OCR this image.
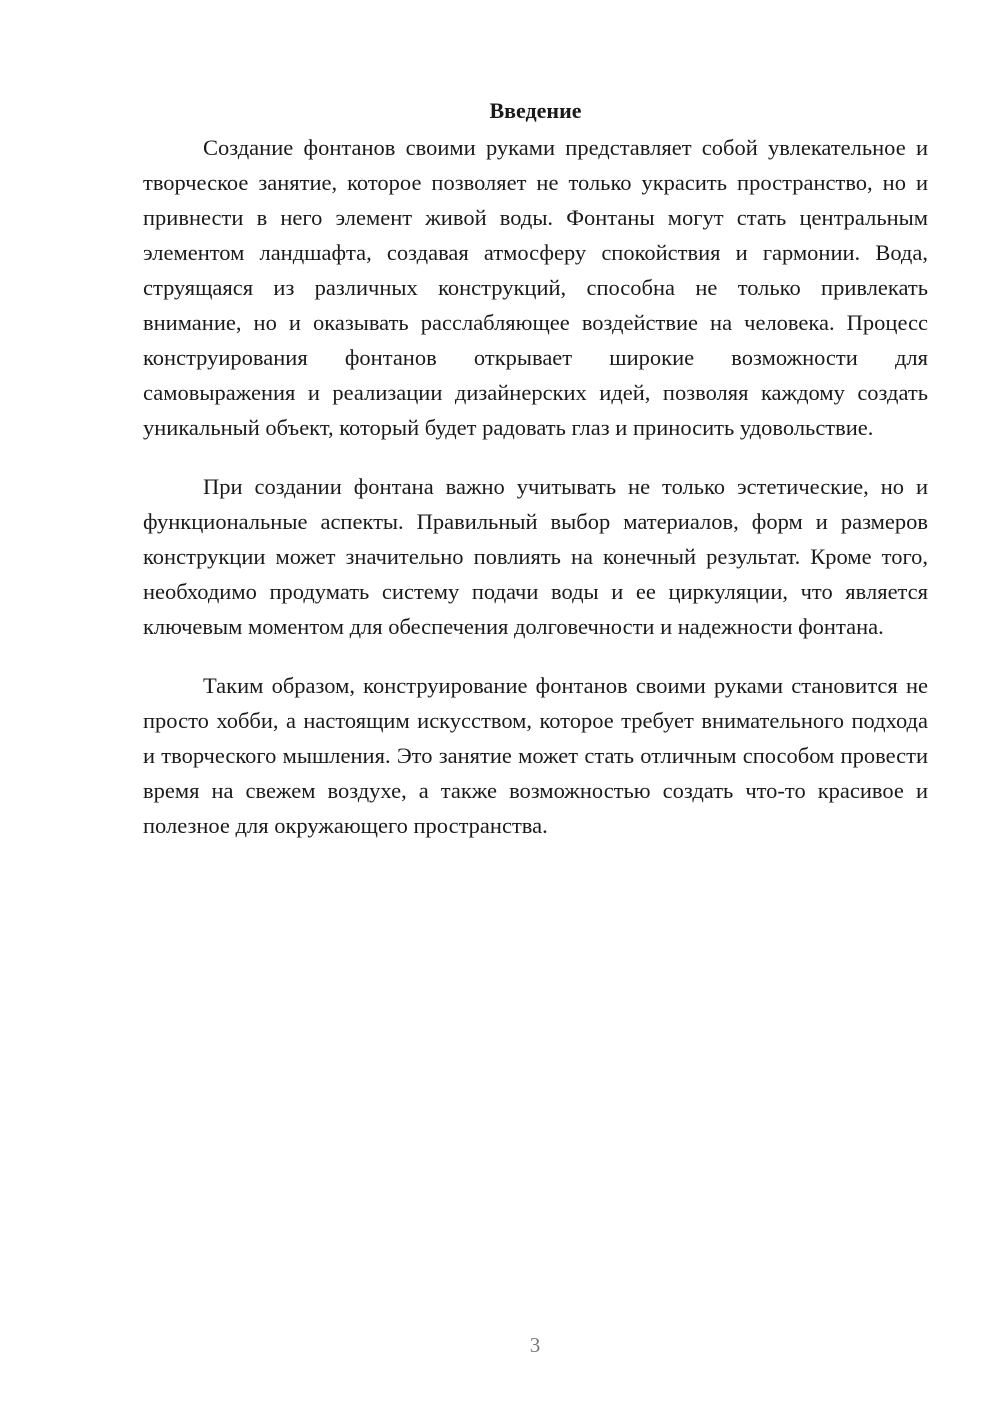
Введение

Создание фонтанов своими руками представляет собой увлекательное и творческое занятие, которое позволяет не только украсить пространство, но и привнести в него элемент живой воды. Фонтаны могут стать центральным элементом ландшафта, создавая атмосферу спокойствия и гармонии. Вода, струящаяся из различных конструкций, способна не только привлекать внимание, но и оказывать расслабляющее воздействие на человека. Процесс конструирования фонтанов открывает широкие возможности для самовыражения и реализации дизайнерских идей, позволяя каждому создать уникальный объект, который будет радовать глаз и приносить удовольствие.

При создании фонтана важно учитывать не только эстетические, но и функциональные аспекты. Правильный выбор материалов, форм и размеров конструкции может значительно повлиять на конечный результат. Кроме того, необходимо продумать систему подачи воды и ее циркуляции, что является ключевым моментом для обеспечения долговечности и надежности фонтана.

Таким образом, конструирование фонтанов своими руками становится не просто хобби, а настоящим искусством, которое требует внимательного подхода и творческого мышления. Это занятие может стать отличным способом провести время на свежем воздухе, а также возможностью создать что-то красивое и полезное для окружающего пространства.

3
